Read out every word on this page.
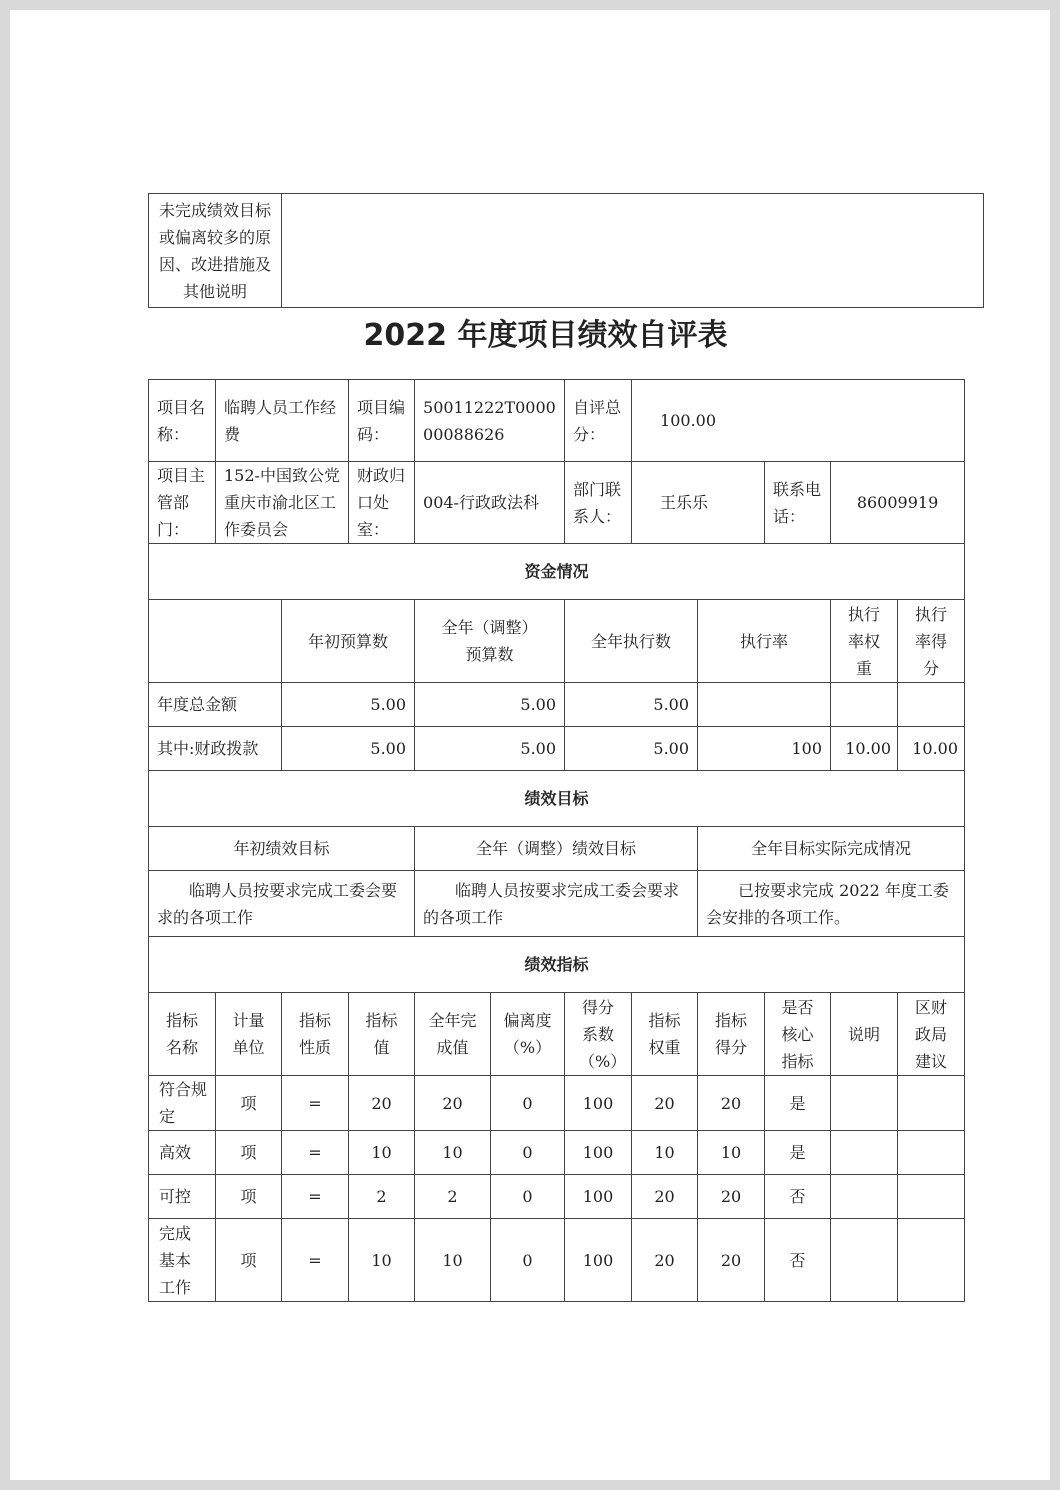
未完成绩效目标或偏离较多的原因、改进措施及其他说明	
2022 年度项目绩效自评表
项目名称：	临聘人员工作经费		项目编码：	50011222T000000088626		自评总分：	100.00				
项目主管部门：	152-中国致公党重庆市渝北区工作委员会		财政归口处室：	004-行政政法科		部门联系人：	王乐乐		联系电话：	86009919	
资金情况											
		年初预算数		全年（调整）预算数		全年执行数		执行率		执行率权重	执行率得分
年度总金额		5.00		5.00		5.00					
其中:财政拨款		5.00		5.00		5.00		100		10.00	10.00
绩效目标											
年初绩效目标				全年（调整）绩效目标				全年目标实际完成情况			
临聘人员按要求完成工委会要求的各项工作				临聘人员按要求完成工委会要求的各项工作				已按要求完成 2022 年度工委会安排的各项工作。			
绩效指标											
指标名称	计量单位	指标性质	指标值	全年完成值	偏离度（%）	得分系数（%）	指标权重	指标得分	是否核心指标	说明	区财政局建议
符合规定	项	=	20	20	0	100	20	20	是		
高效	项	=	10	10	0	100	10	10	是		
可控	项	=	2	2	0	100	20	20	否		
完成基本工作	项	=	10	10	0	100	20	20	否		
